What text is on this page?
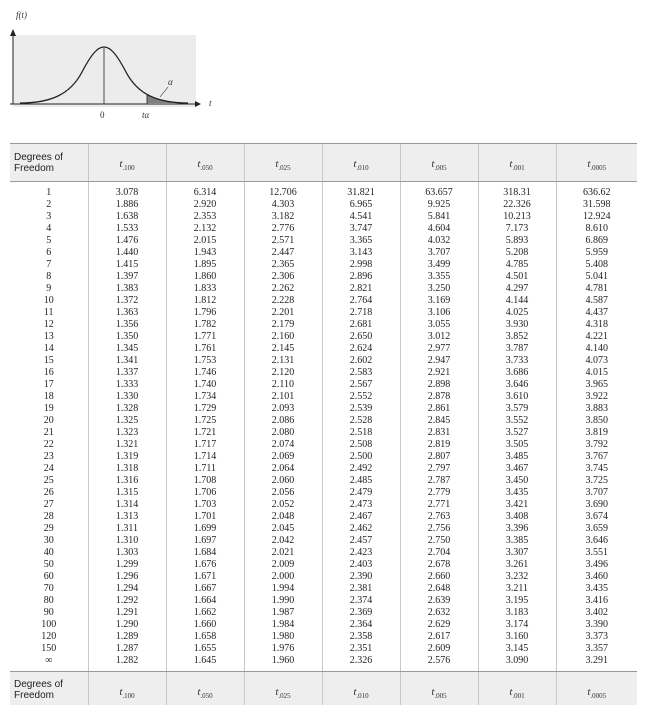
f(t)
t
0
α
tα
Degrees of
Freedom	$t_{.100}$	$t_{.050}$	$t_{.025}$	$t_{.010}$	$t_{.005}$	$t_{.001}$	$t_{.0005}$

1	3.078	6.314	12.706	31.821	63.657	318.31	636.62
2	1.886	2.920	4.303	6.965	9.925	22.326	31.598
3	1.638	2.353	3.182	4.541	5.841	10.213	12.924
4	1.533	2.132	2.776	3.747	4.604	7.173	8.610
5	1.476	2.015	2.571	3.365	4.032	5.893	6.869
6	1.440	1.943	2.447	3.143	3.707	5.208	5.959
7	1.415	1.895	2.365	2.998	3.499	4.785	5.408
8	1.397	1.860	2.306	2.896	3.355	4.501	5.041
9	1.383	1.833	2.262	2.821	3.250	4.297	4.781
10	1.372	1.812	2.228	2.764	3.169	4.144	4.587
11	1.363	1.796	2.201	2.718	3.106	4.025	4.437
12	1.356	1.782	2.179	2.681	3.055	3.930	4.318
13	1.350	1.771	2.160	2.650	3.012	3.852	4.221
14	1.345	1.761	2.145	2.624	2.977	3.787	4.140
15	1.341	1.753	2.131	2.602	2.947	3.733	4.073
16	1.337	1.746	2.120	2.583	2.921	3.686	4.015
17	1.333	1.740	2.110	2.567	2.898	3.646	3.965
18	1.330	1.734	2.101	2.552	2.878	3.610	3.922
19	1.328	1.729	2.093	2.539	2.861	3.579	3.883
20	1.325	1.725	2.086	2.528	2.845	3.552	3.850
21	1.323	1.721	2.080	2.518	2.831	3.527	3.819
22	1.321	1.717	2.074	2.508	2.819	3.505	3.792
23	1.319	1.714	2.069	2.500	2.807	3.485	3.767
24	1.318	1.711	2.064	2.492	2.797	3.467	3.745
25	1.316	1.708	2.060	2.485	2.787	3.450	3.725
26	1.315	1.706	2.056	2.479	2.779	3.435	3.707
27	1.314	1.703	2.052	2.473	2.771	3.421	3.690
28	1.313	1.701	2.048	2.467	2.763	3.408	3.674
29	1.311	1.699	2.045	2.462	2.756	3.396	3.659
30	1.310	1.697	2.042	2.457	2.750	3.385	3.646
40	1.303	1.684	2.021	2.423	2.704	3.307	3.551
50	1.299	1.676	2.009	2.403	2.678	3.261	3.496
60	1.296	1.671	2.000	2.390	2.660	3.232	3.460
70	1.294	1.667	1.994	2.381	2.648	3.211	3.435
80	1.292	1.664	1.990	2.374	2.639	3.195	3.416
90	1.291	1.662	1.987	2.369	2.632	3.183	3.402
100	1.290	1.660	1.984	2.364	2.629	3.174	3.390
120	1.289	1.658	1.980	2.358	2.617	3.160	3.373
150	1.287	1.655	1.976	2.351	2.609	3.145	3.357
∞	1.282	1.645	1.960	2.326	2.576	3.090	3.291

Degrees of
Freedom	$t_{.100}$	$t_{.050}$	$t_{.025}$	$t_{.010}$	$t_{.005}$	$t_{.001}$	$t_{.0005}$
